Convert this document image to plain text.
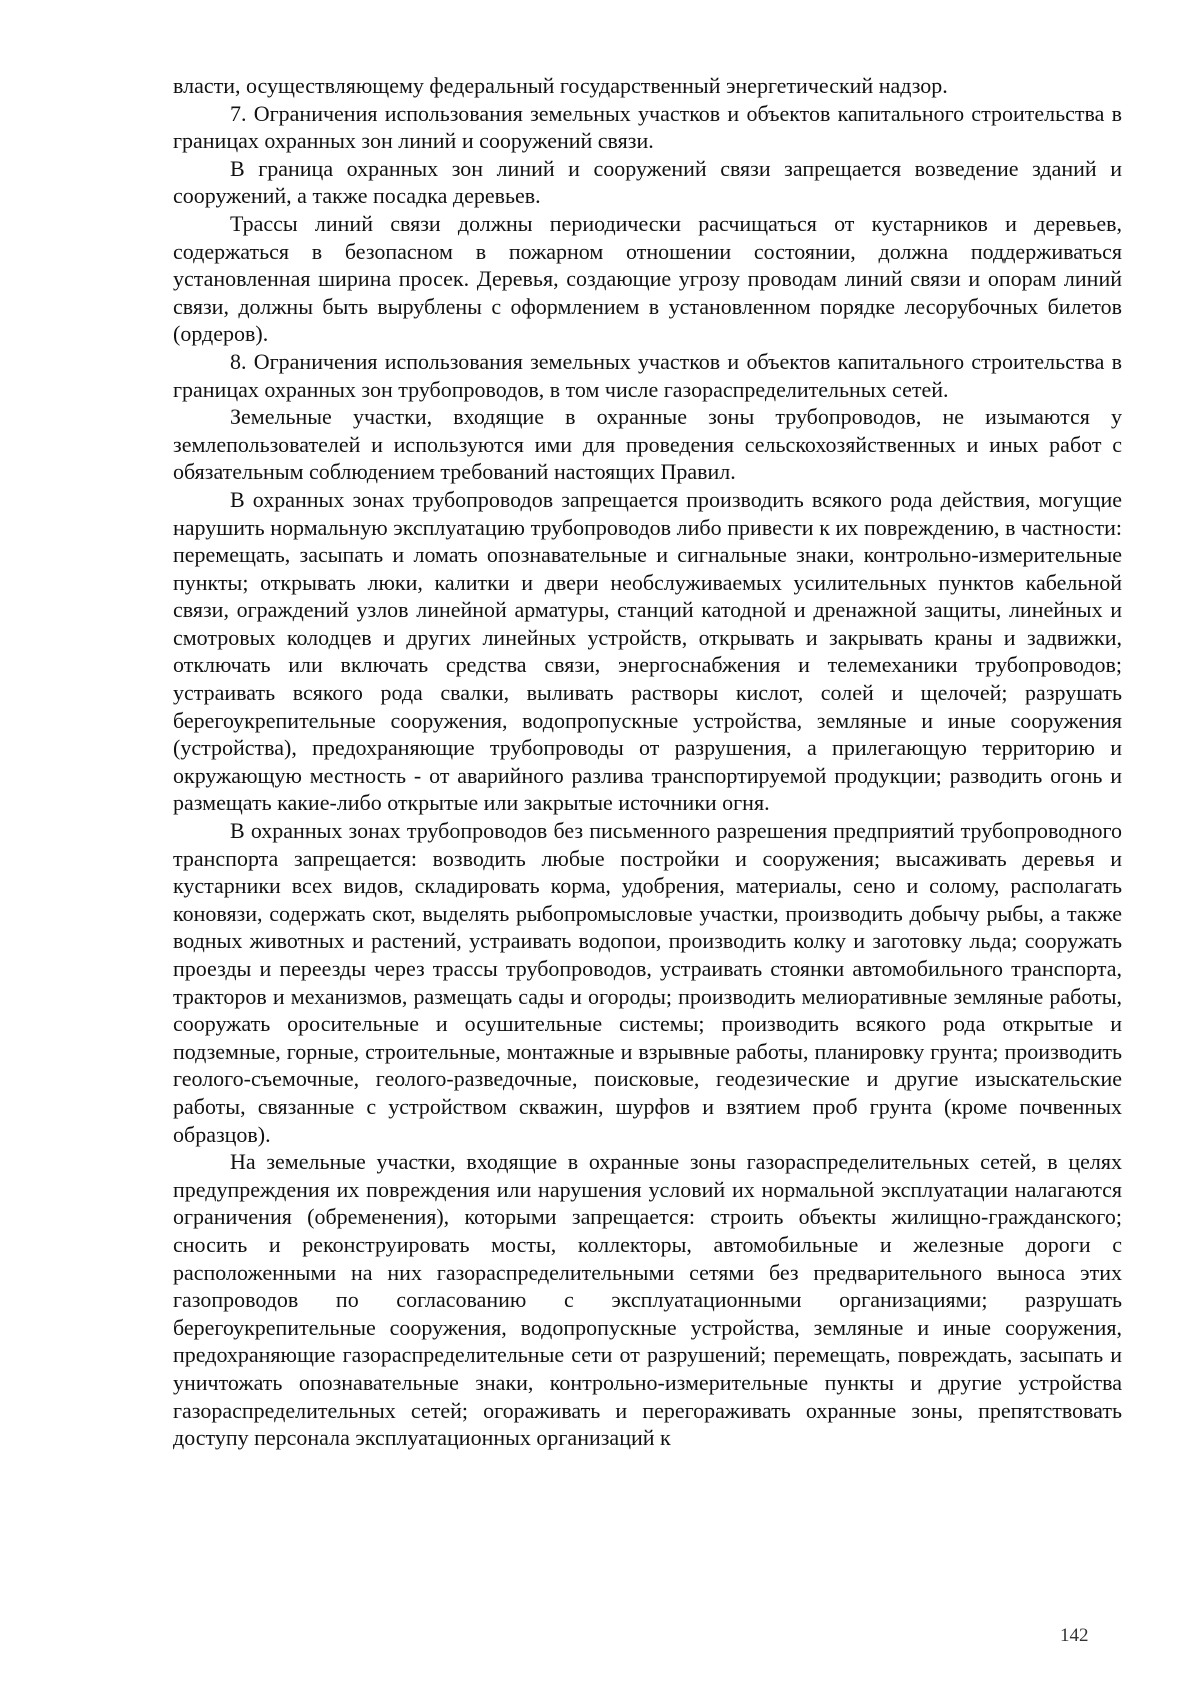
власти, осуществляющему федеральный государственный энергетический надзор.

7. Ограничения использования земельных участков и объектов капитального строительства в границах охранных зон линий и сооружений связи.

В граница охранных зон линий и сооружений связи запрещается возведение зданий и сооружений, а также посадка деревьев.

Трассы линий связи должны периодически расчищаться от кустарников и деревьев, содержаться в безопасном в пожарном отношении состоянии, должна поддерживаться установленная ширина просек. Деревья, создающие угрозу проводам линий связи и опорам линий связи, должны быть вырублены с оформлением в установленном порядке лесорубочных билетов (ордеров).

8. Ограничения использования земельных участков и объектов капитального строительства в границах охранных зон трубопроводов, в том числе газораспределительных сетей.

Земельные участки, входящие в охранные зоны трубопроводов, не изымаются у землепользователей и используются ими для проведения сельскохозяйственных и иных работ с обязательным соблюдением требований настоящих Правил.

В охранных зонах трубопроводов запрещается производить всякого рода действия, могущие нарушить нормальную эксплуатацию трубопроводов либо привести к их повреждению, в частности: перемещать, засыпать и ломать опознавательные и сигнальные знаки, контрольно-измерительные пункты; открывать люки, калитки и двери необслуживаемых усилительных пунктов кабельной связи, ограждений узлов линейной арматуры, станций катодной и дренажной защиты, линейных и смотровых колодцев и других линейных устройств, открывать и закрывать краны и задвижки, отключать или включать средства связи, энергоснабжения и телемеханики трубопроводов; устраивать всякого рода свалки, выливать растворы кислот, солей и щелочей; разрушать берегоукрепительные сооружения, водопропускные устройства, земляные и иные сооружения (устройства), предохраняющие трубопроводы от разрушения, а прилегающую территорию и окружающую местность - от аварийного разлива транспортируемой продукции; разводить огонь и размещать какие-либо открытые или закрытые источники огня.

В охранных зонах трубопроводов без письменного разрешения предприятий трубопроводного транспорта запрещается: возводить любые постройки и сооружения; высаживать деревья и кустарники всех видов, складировать корма, удобрения, материалы, сено и солому, располагать коновязи, содержать скот, выделять рыбопромысловые участки, производить добычу рыбы, а также водных животных и растений, устраивать водопои, производить колку и заготовку льда; сооружать проезды и переезды через трассы трубопроводов, устраивать стоянки автомобильного транспорта, тракторов и механизмов, размещать сады и огороды; производить мелиоративные земляные работы, сооружать оросительные и осушительные системы; производить всякого рода открытые и подземные, горные, строительные, монтажные и взрывные работы, планировку грунта; производить геолого-съемочные, геолого-разведочные, поисковые, геодезические и другие изыскательские работы, связанные с устройством скважин, шурфов и взятием проб грунта (кроме почвенных образцов).

На земельные участки, входящие в охранные зоны газораспределительных сетей, в целях предупреждения их повреждения или нарушения условий их нормальной эксплуатации налагаются ограничения (обременения), которыми запрещается: строить объекты жилищно-гражданского; сносить и реконструировать мосты, коллекторы, автомобильные и железные дороги с расположенными на них газораспределительными сетями без предварительного выноса этих газопроводов по согласованию с эксплуатационными организациями; разрушать берегоукрепительные сооружения, водопропускные устройства, земляные и иные сооружения, предохраняющие газораспределительные сети от разрушений; перемещать, повреждать, засыпать и уничтожать опознавательные знаки, контрольно-измерительные пункты и другие устройства газораспределительных сетей; огораживать и перегораживать охранные зоны, препятствовать доступу персонала эксплуатационных организаций к

142
